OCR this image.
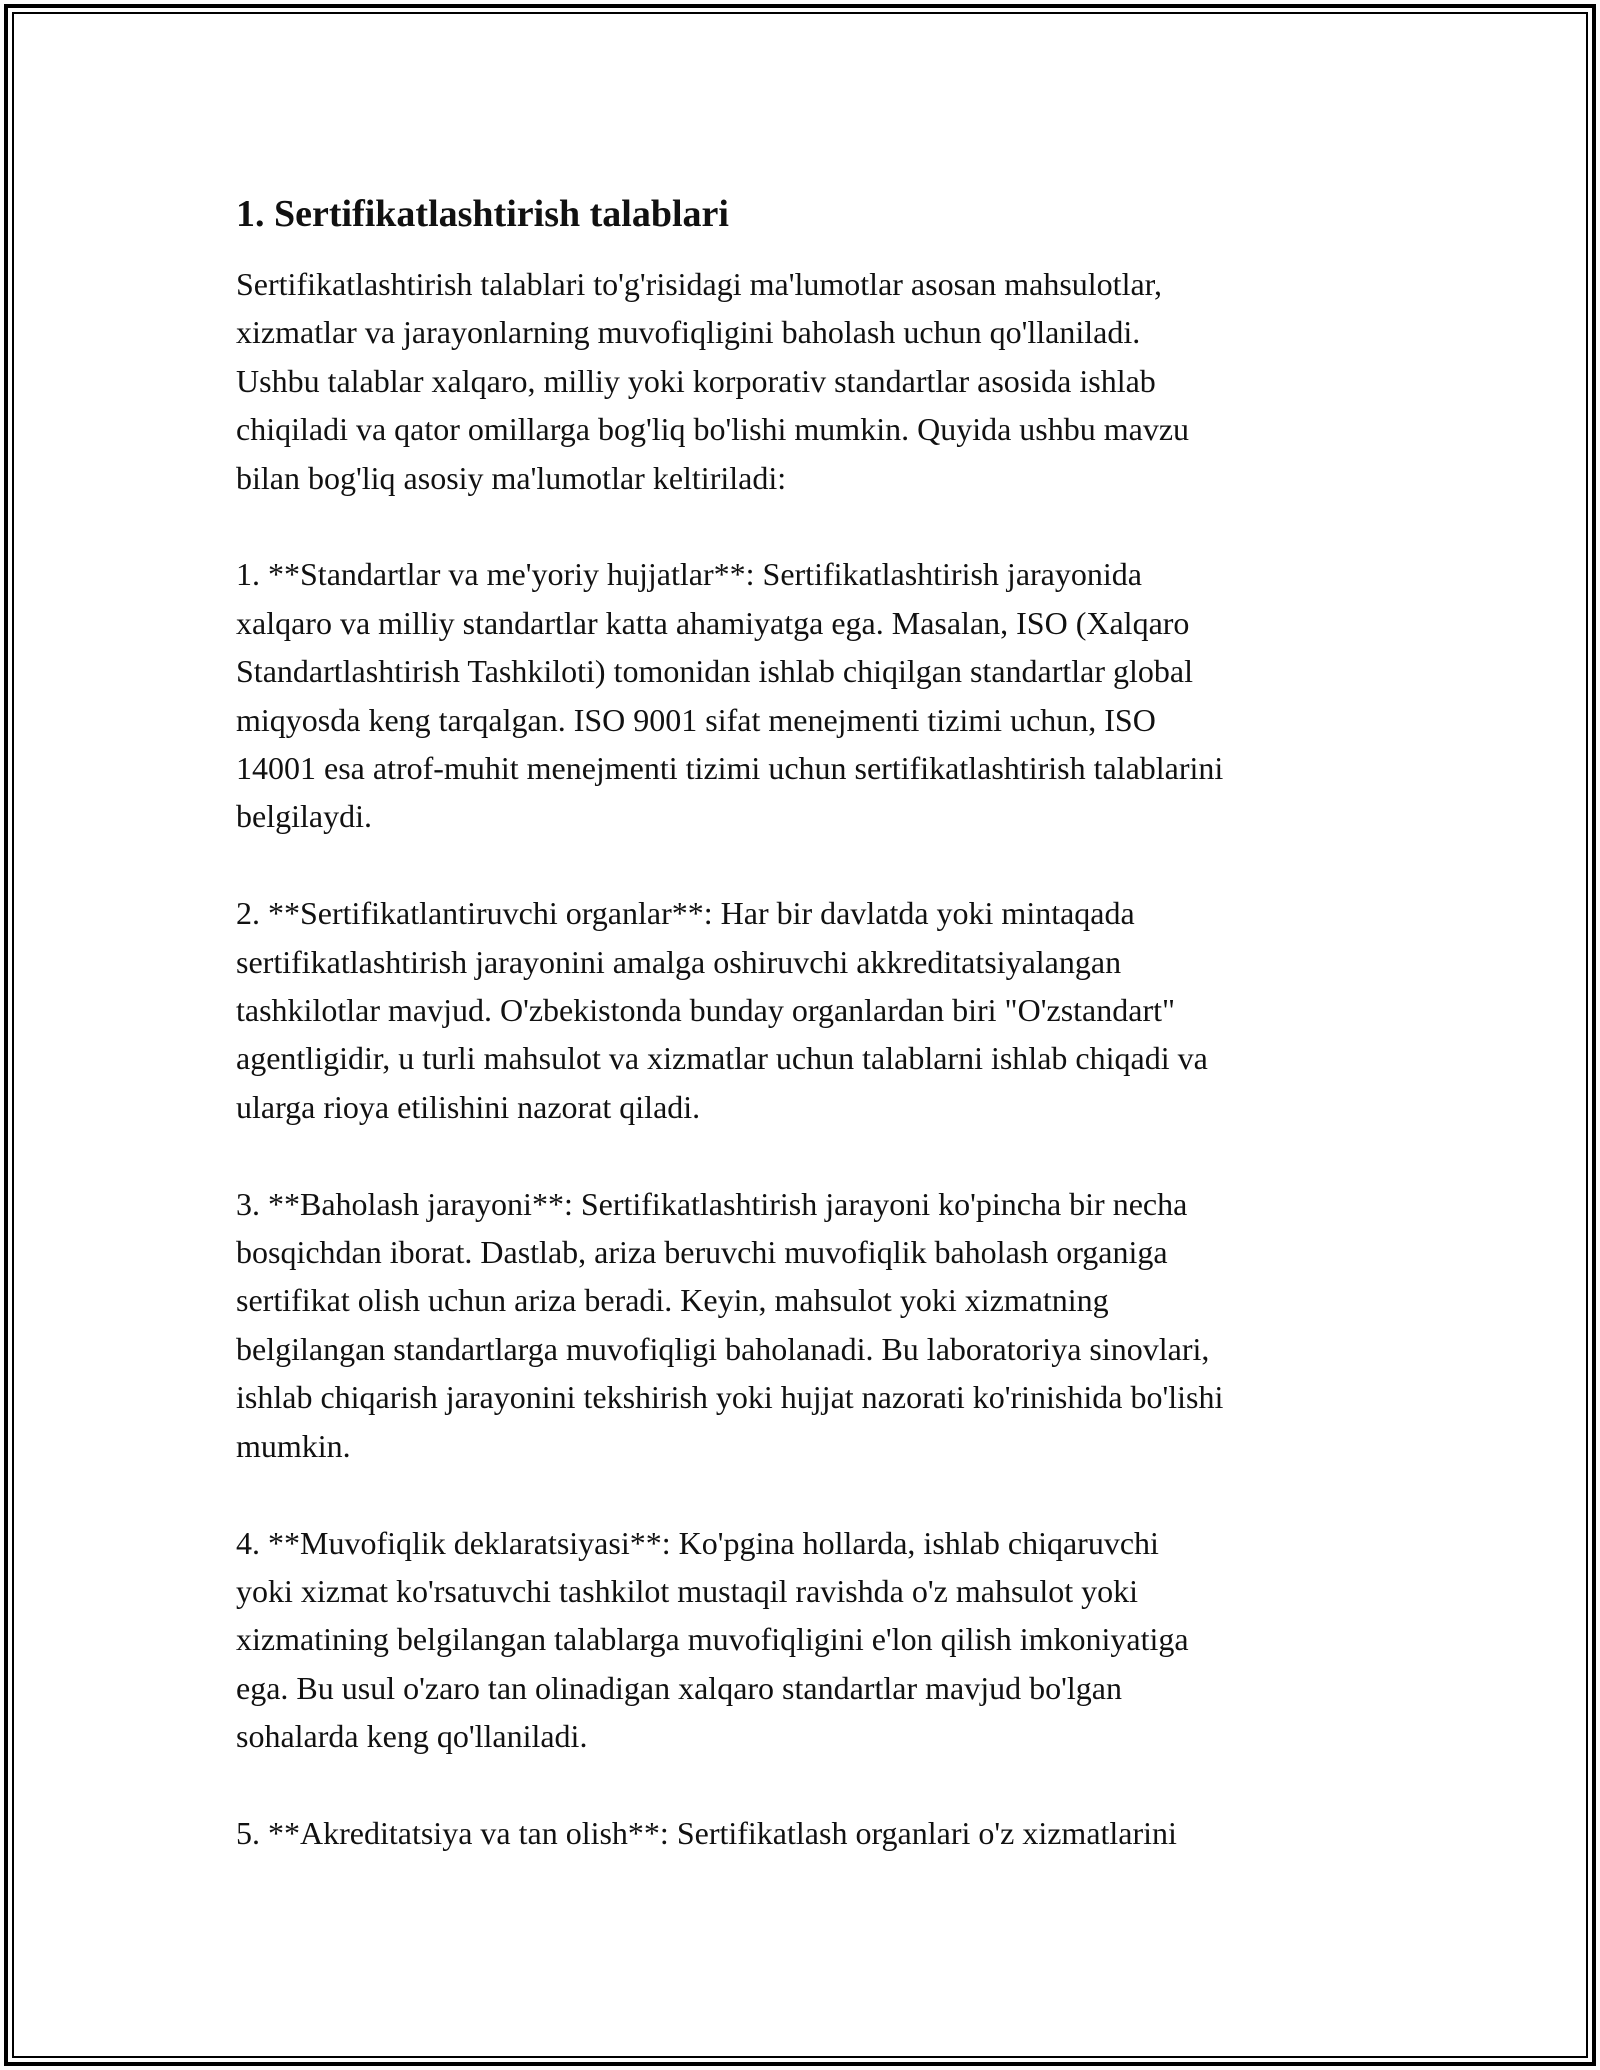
1. Sertifikatlashtirish talablari

Sertifikatlashtirish talablari to'g'risidagi ma'lumotlar asosan mahsulotlar,
xizmatlar va jarayonlarning muvofiqligini baholash uchun qo'llaniladi.
Ushbu talablar xalqaro, milliy yoki korporativ standartlar asosida ishlab
chiqiladi va qator omillarga bog'liq bo'lishi mumkin. Quyida ushbu mavzu
bilan bog'liq asosiy ma'lumotlar keltiriladi:

1. **Standartlar va me'yoriy hujjatlar**: Sertifikatlashtirish jarayonida
xalqaro va milliy standartlar katta ahamiyatga ega. Masalan, ISO (Xalqaro
Standartlashtirish Tashkiloti) tomonidan ishlab chiqilgan standartlar global
miqyosda keng tarqalgan. ISO 9001 sifat menejmenti tizimi uchun, ISO
14001 esa atrof-muhit menejmenti tizimi uchun sertifikatlashtirish talablarini
belgilaydi.

2. **Sertifikatlantiruvchi organlar**: Har bir davlatda yoki mintaqada
sertifikatlashtirish jarayonini amalga oshiruvchi akkreditatsiyalangan
tashkilotlar mavjud. O'zbekistonda bunday organlardan biri "O'zstandart"
agentligidir, u turli mahsulot va xizmatlar uchun talablarni ishlab chiqadi va
ularga rioya etilishini nazorat qiladi.

3. **Baholash jarayoni**: Sertifikatlashtirish jarayoni ko'pincha bir necha
bosqichdan iborat. Dastlab, ariza beruvchi muvofiqlik baholash organiga
sertifikat olish uchun ariza beradi. Keyin, mahsulot yoki xizmatning
belgilangan standartlarga muvofiqligi baholanadi. Bu laboratoriya sinovlari,
ishlab chiqarish jarayonini tekshirish yoki hujjat nazorati ko'rinishida bo'lishi
mumkin.

4. **Muvofiqlik deklaratsiyasi**: Ko'pgina hollarda, ishlab chiqaruvchi
yoki xizmat ko'rsatuvchi tashkilot mustaqil ravishda o'z mahsulot yoki
xizmatining belgilangan talablarga muvofiqligini e'lon qilish imkoniyatiga
ega. Bu usul o'zaro tan olinadigan xalqaro standartlar mavjud bo'lgan
sohalarda keng qo'llaniladi.

5. **Akreditatsiya va tan olish**: Sertifikatlash organlari o'z xizmatlarini
